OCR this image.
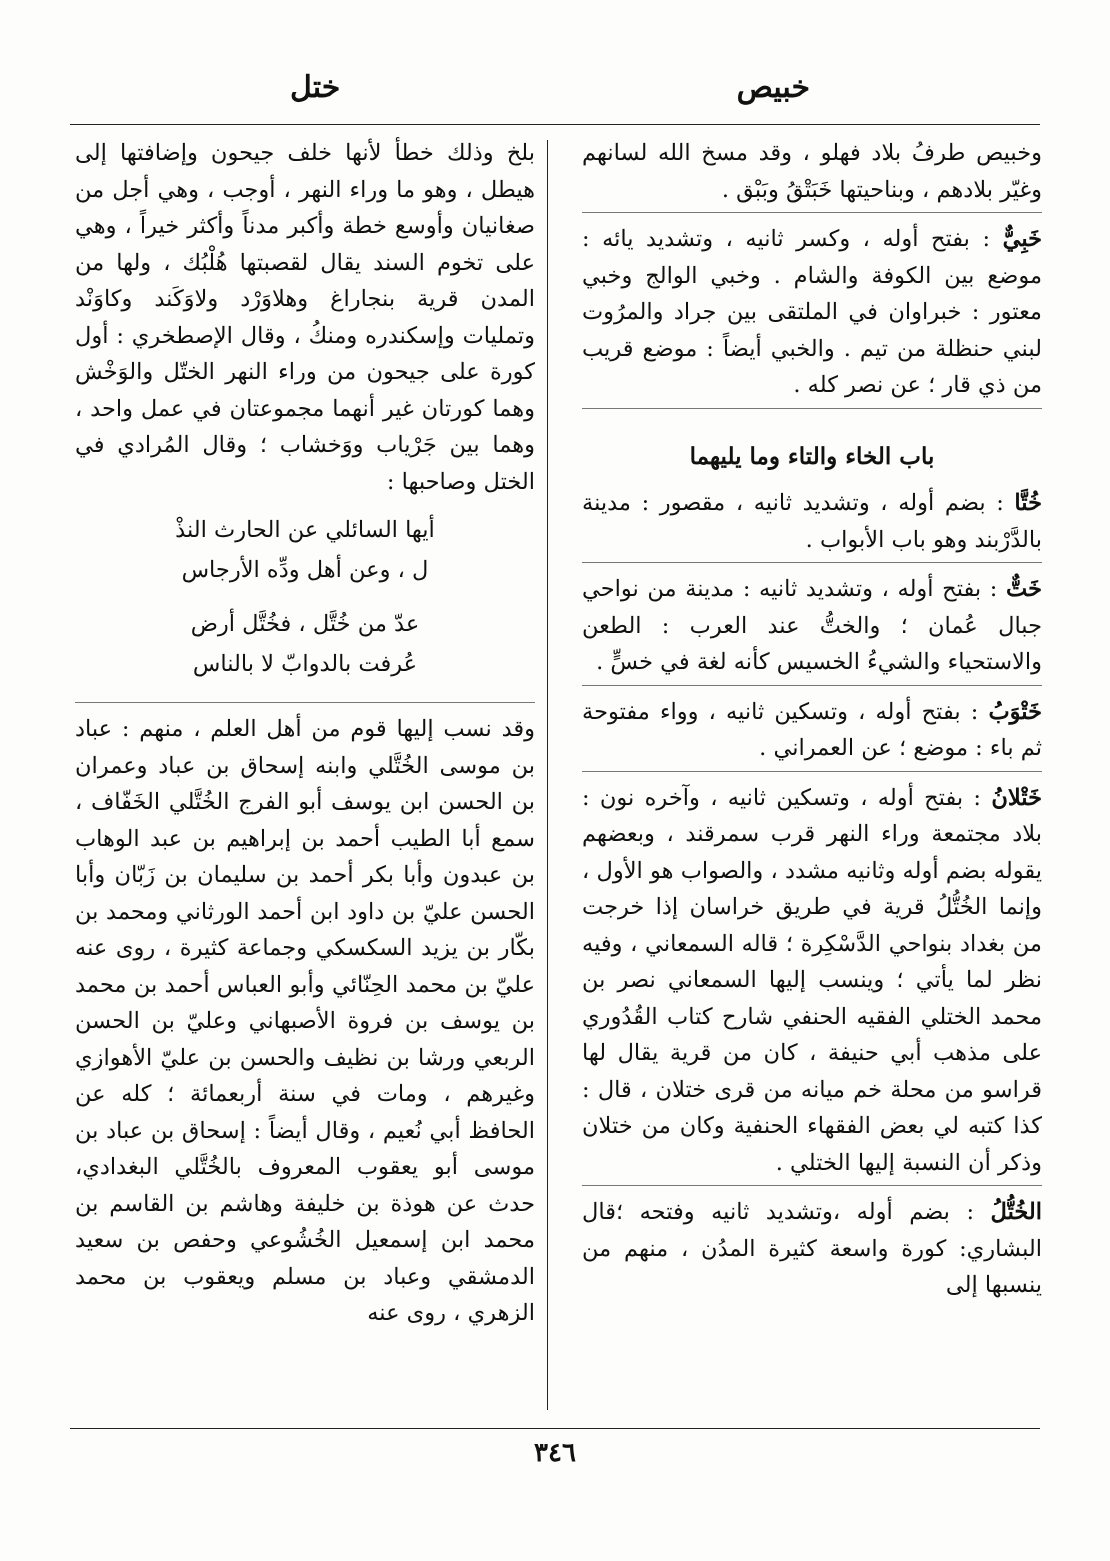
خبيص
ختل
وخبيص طرفُ بلاد فهلو ، وقد مسخ الله لسانهم وغيّر بلادهم ، وبناحيتها خَبَتْقُ وبَبْق .
خَبِيٌّ : بفتح أوله ، وكسر ثانيه ، وتشديد يائه : موضع بين الكوفة والشام . وخبي الوالج وخبي معتور : خبراوان في الملتقى بين جراد والمرُوت لبني حنظلة من تيم . والخبي أيضاً : موضع قريب من ذي قار ؛ عن نصر كله .
باب الخاء والتاء وما يليهما
خُتَّا : بضم أوله ، وتشديد ثانيه ، مقصور : مدينة بالدَّرْبند وهو باب الأبواب .
خَتٌّ : بفتح أوله ، وتشديد ثانيه : مدينة من نواحي جبال عُمان ؛ والختُّ عند العرب : الطعن والاستحياء والشيءُ الخسيس كأنه لغة في خسٍّ .
خَتْوَبُ : بفتح أوله ، وتسكين ثانيه ، وواء مفتوحة ثم باء : موضع ؛ عن العمراني .
خَتْلانُ : بفتح أوله ، وتسكين ثانيه ، وآخره نون : بلاد مجتمعة وراء النهر قرب سمرقند ، وبعضهم يقوله بضم أوله وثانيه مشدد ، والصواب هو الأول ، وإنما الخُتُّلُ قرية في طريق خراسان إذا خرجت من بغداد بنواحي الدَّسْكِرة ؛ قاله السمعاني ، وفيه نظر لما يأتي ؛ وينسب إليها السمعاني نصر بن محمد الختلي الفقيه الحنفي شارح كتاب القُدُوري على مذهب أبي حنيفة ، كان من قرية يقال لها قراسو من محلة خم ميانه من قرى ختلان ، قال : كذا كتبه لي بعض الفقهاء الحنفية وكان من ختلان وذكر أن النسبة إليها الختلي .
الخُتُّلُ : بضم أوله ،وتشديد ثانيه وفتحه ؛قال البشاري: كورة واسعة كثيرة المدُن ، منهم من ينسبها إلى
بلخ وذلك خطأ لأنها خلف جيحون وإضافتها إلى هيطل ، وهو ما وراء النهر ، أوجب ، وهي أجل من صغانيان وأوسع خطة وأكبر مدناً وأكثر خيراً ، وهي على تخوم السند يقال لقصبتها هُلْبُك ، ولها من المدن قرية بنجاراغ وهلاوَرْد ولاوَكَند وكاوَنْد وتمليات وإسكندره ومنكُ ، وقال الإصطخري : أول كورة على جيحون من وراء النهر الختّل والوَخْش وهما كورتان غير أنهما مجموعتان في عمل واحد ، وهما بين جَرْياب ووَخشاب ؛ وقال المُرادي في الختل وصاحبها :
أيها السائلي عن الحارث النذْ
ل ، وعن أهل ودِّه الأرجاس
عدّ من خُتَّل ، فخُتَّل أرض
عُرفت بالدوابّ لا بالناس
وقد نسب إليها قوم من أهل العلم ، منهم : عباد بن موسى الخُتَّلي وابنه إسحاق بن عباد وعمران بن الحسن ابن يوسف أبو الفرج الخُتَّلي الخَفّاف ، سمع أبا الطيب أحمد بن إبراهيم بن عبد الوهاب بن عبدون وأبا بكر أحمد بن سليمان بن زَبّان وأبا الحسن عليّ بن داود ابن أحمد الورثاني ومحمد بن بكّار بن يزيد السكسكي وجماعة كثيرة ، روى عنه عليّ بن محمد الحِنّائي وأبو العباس أحمد بن محمد بن يوسف بن فروة الأصبهاني وعليّ بن الحسن الربعي ورشا بن نظيف والحسن بن عليّ الأهوازي وغيرهم ، ومات في سنة أربعمائة ؛ كله عن الحافظ أبي نُعيم ، وقال أيضاً : إسحاق بن عباد بن موسى أبو يعقوب المعروف بالخُتَّلي البغدادي، حدث عن هوذة بن خليفة وهاشم بن القاسم بن محمد ابن إسمعيل الخُشُوعي وحفص بن سعيد الدمشقي وعباد بن مسلم ويعقوب بن محمد الزهري ، روى عنه
٣٤٦
